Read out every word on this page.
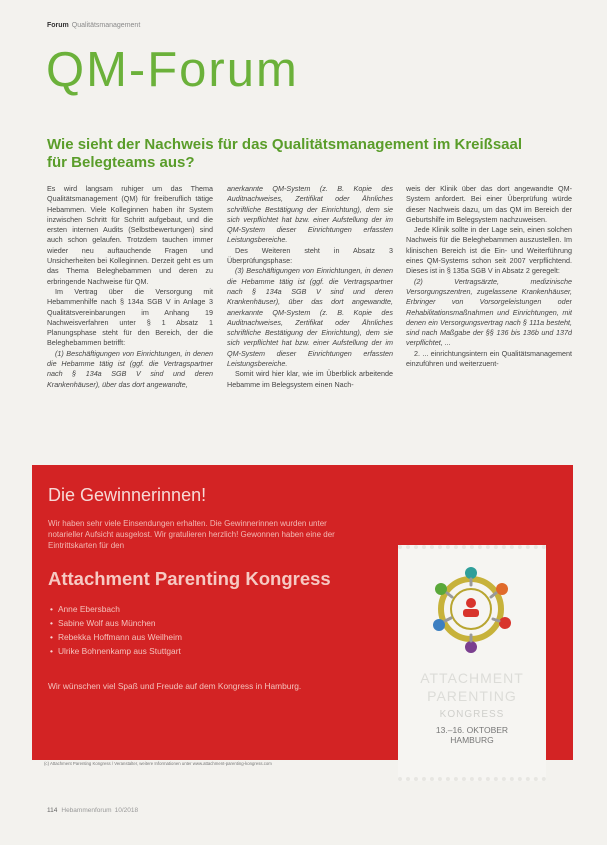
Forum Qualitätsmanagement
QM-Forum
Wie sieht der Nachweis für das Qualitätsmanagement im Kreißsaal für Belegteams aus?

Es wird langsam ruhiger um das Thema Qualitätsmanagement (QM) für freiberuflich tätige Hebammen. Viele Kolleginnen haben ihr System inzwischen Schritt für Schritt aufgebaut, und die ersten internen Audits (Selbstbewertungen) sind auch schon gelaufen. Trotzdem tauchen immer wieder neu auftauchende Fragen und Unsicherheiten bei Kolleginnen. Derzeit geht es um das Thema Beleghebammen und deren zu erbringende Nachweise für QM.

Im Vertrag über die Versorgung mit Hebammenhilfe nach § 134a SGB V in Anlage 3 Qualitätsvereinbarungen im Anhang 19 Nachweisverfahren unter § 1 Absatz 1 Planungsphase steht für den Bereich, der die Beleghebammen betrifft:

(1) Beschäftigungen von Einrichtungen, in denen die Hebamme tätig ist (ggf. die Vertragspartner nach § 134a SGB V sind und deren Krankenhäuser), über das dort angewandte,

anerkannte QM-System (z. B. Kopie des Auditnachweises, Zertifikat oder Ähnliches schriftliche Bestätigung der Einrichtung), dem sie sich verpflichtet hat bzw. einer Aufstellung der im QM-System dieser Einrichtungen erfassten Leistungsbereiche.

Des Weiteren steht in Absatz 3 Überprüfungsphase:

(3) Beschäftigungen von Einrichtungen, in denen die Hebamme tätig ist (ggf. die Vertragspartner nach § 134a SGB V sind und deren Krankenhäuser), über das dort angewandte, anerkannte QM-System (z. B. Kopie des Auditnachweises, Zertifikat oder Ähnliches schriftliche Bestätigung der Einrichtung), dem sie sich verpflichtet hat bzw. einer Aufstellung der im QM-System dieser Einrichtungen erfassten Leistungsbereiche.

Somit wird hier klar, wie im Überblick arbeitende Hebamme im Belegsystem einen Nach-

weis der Klinik über das dort angewandte QM-System anfordert. Bei einer Überprüfung würde dieser Nachweis dazu, um das QM im Bereich der Geburtshilfe im Belegsystem nachzuweisen.

Jede Klinik sollte in der Lage sein, einen solchen Nachweis für die Beleghebammen auszustellen. Im klinischen Bereich ist die Ein- und Weiterführung eines QM-Systems schon seit 2007 verpflichtend. Dieses ist in § 135a SGB V in Absatz 2 geregelt:

(2) Vertragsärzte, medizinische Versorgungszentren, zugelassene Krankenhäuser, Erbringer von Vorsorgeleistungen oder Rehabilitationsmaßnahmen und Einrichtungen, mit denen ein Versorgungsvertrag nach § 111a besteht, sind nach Maßgabe der §§ 136 bis 136b und 137d verpflichtet, ...

2. ... einrichtungsintern ein Qualitätsmanagement einzuführen und weiterzuent-

Die Gewinnerinnen!

Wir haben sehr viele Einsendungen erhalten. Die Gewinnerinnen wurden unter notarieller Aufsicht ausgelost. Wir gratulieren herzlich! Gewonnen haben eine der Eintrittskarten für den

Attachment Parenting Kongress
• Anne Ebersbach
• Sabine Wolf aus München
• Rebekka Hoffmann aus Weilheim
• Ulrike Bohnenkamp aus Stuttgart

Wir wünschen viel Spaß und Freude auf dem Kongress in Hamburg.	ATTACHMENT
PARENTING
KONGRESS
13.–16. OKTOBER
HAMBURG
(c) Attachment Parenting Kongress / Veranstalter, weitere Informationen unter www.attachment-parenting-kongress.com
114 Hebammenforum 10/2018
